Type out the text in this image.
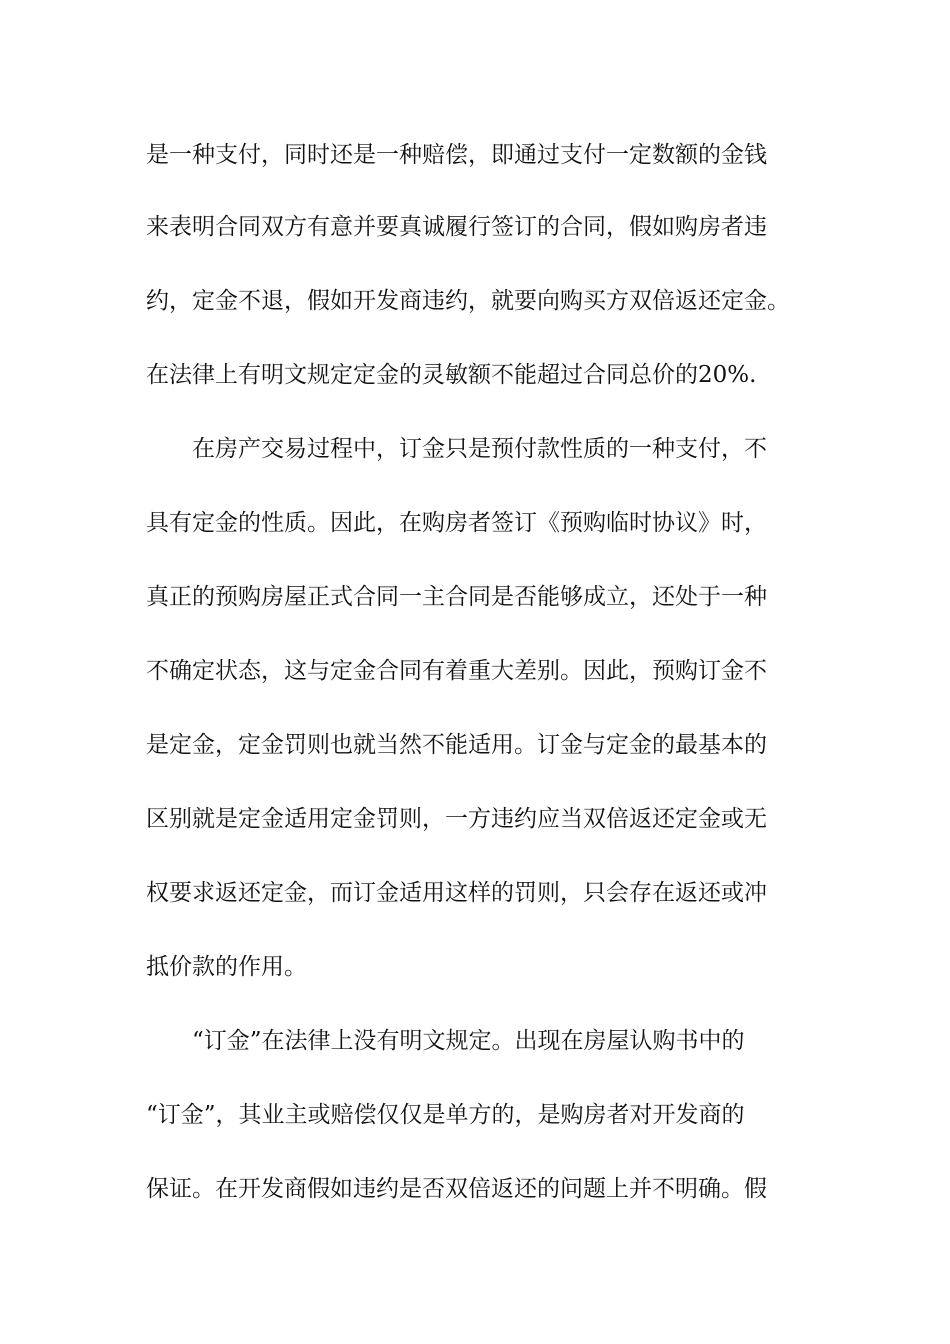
是一种支付，同时还是一种赔偿，即通过支付一定数额的金钱
来表明合同双方有意并要真诚履行签订的合同，假如购房者违
约，定金不退，假如开发商违约，就要向购买方双倍返还定金。
在法律上有明文规定定金的灵敏额不能超过合同总价的20%.
在房产交易过程中，订金只是预付款性质的一种支付，不
具有定金的性质。因此，在购房者签订《预购临时协议》时，
真正的预购房屋正式合同一主合同是否能够成立，还处于一种
不确定状态，这与定金合同有着重大差别。因此，预购订金不
是定金，定金罚则也就当然不能适用。订金与定金的最基本的
区别就是定金适用定金罚则，一方违约应当双倍返还定金或无
权要求返还定金，而订金适用这样的罚则，只会存在返还或冲
抵价款的作用。
“订金”在法律上没有明文规定。出现在房屋认购书中的
“订金”，其业主或赔偿仅仅是单方的，是购房者对开发商的
保证。在开发商假如违约是否双倍返还的问题上并不明确。假
